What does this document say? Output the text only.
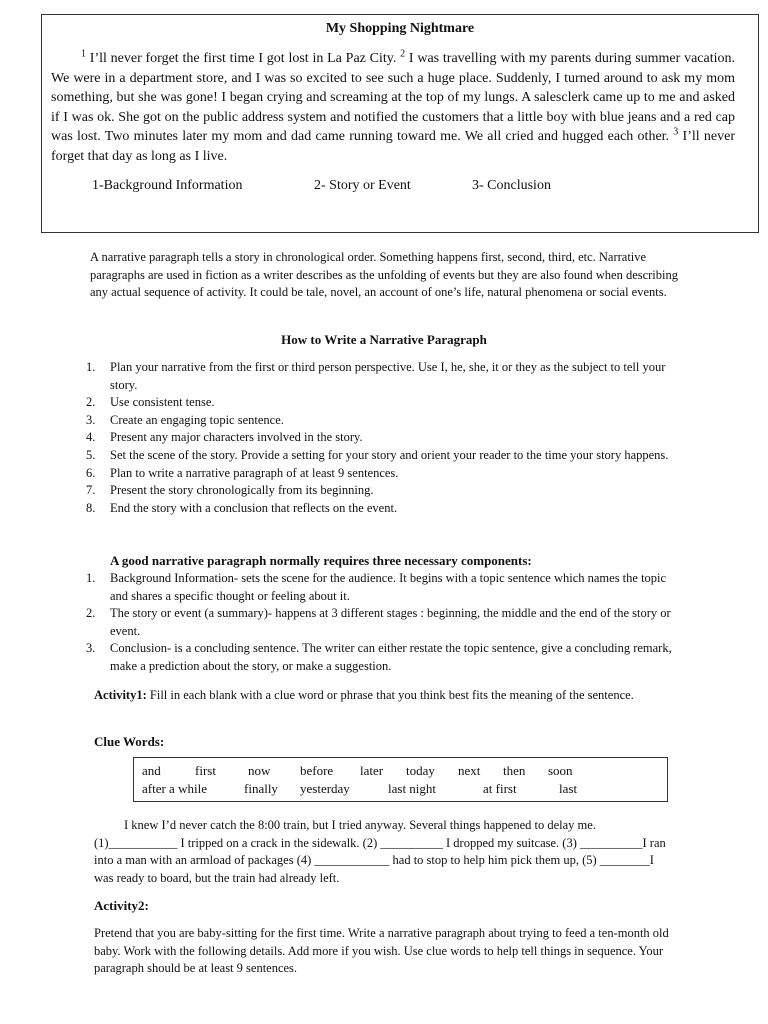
My Shopping Nightmare
$^1$ I’ll never forget the first time I got lost in La Paz City. $^2$ I was travelling with my parents during summer vacation. We were in a department store, and I was so excited to see such a huge place. Suddenly, I turned around to ask my mom something, but she was gone! I began crying and screaming at the top of my lungs. A salesclerk came up to me and asked if I was ok. She got on the public address system and notified the customers that a little boy with blue jeans and a red cap was lost. Two minutes later my mom and dad came running toward me. We all cried and hugged each other. $^3$ I’ll never forget that day as long as I live.
1-Background Information	2- Story or Event	3- Conclusion
A narrative paragraph tells a story in chronological order. Something happens first, second, third, etc. Narrative paragraphs are used in fiction as a writer describes as the unfolding of events but they are also found when describing any actual sequence of activity. It could be tale, novel, an account of one’s life, natural phenomena or social events.
How to Write a Narrative Paragraph
1. Plan your narrative from the first or third person perspective. Use I, he, she, it or they as the subject to tell your story.
2. Use consistent tense.
3. Create an engaging topic sentence.
4. Present any major characters involved in the story.
5. Set the scene of the story. Provide a setting for your story and orient your reader to the time your story happens.
6. Plan to write a narrative paragraph of at least 9 sentences.
7. Present the story chronologically from its beginning.
8. End the story with a conclusion that reflects on the event.
A good narrative paragraph normally requires three necessary components:
1. Background Information- sets the scene for the audience. It begins with a topic sentence which names the topic and shares a specific thought or feeling about it.
2. The story or event (a summary)- happens at 3 different stages : beginning, the middle and the end of the story or event.
3. Conclusion- is a concluding sentence. The writer can either restate the topic sentence, give a concluding remark, make a prediction about the story, or make a suggestion.
Activity1: Fill in each blank with a clue word or phrase that you think best fits the meaning of the sentence.
Clue Words:
and	first now before later today next then soon
after a while	finally yesterday	last night	at first	last
I knew I’d never catch the 8:00 train, but I tried anyway. Several things happened to delay me. (1)___________ I tripped on a crack in the sidewalk. (2) __________ I dropped my suitcase. (3) __________I ran into a man with an armload of packages (4) ____________ had to stop to help him pick them up, (5) ________I was ready to board, but the train had already left.
Activity2:
Pretend that you are baby-sitting for the first time. Write a narrative paragraph about trying to feed a ten-month old baby. Work with the following details. Add more if you wish. Use clue words to help tell things in sequence. Your paragraph should be at least 9 sentences.
